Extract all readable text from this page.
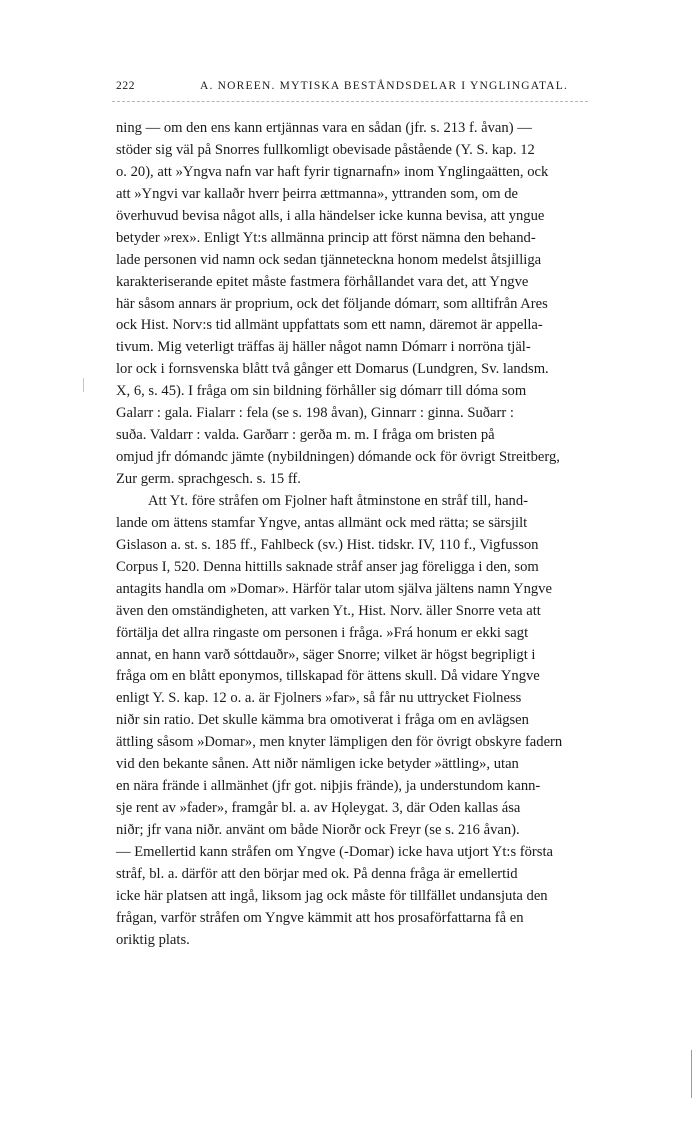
222	A. NOREEN. MYTISKA BESTÅNDSDELAR I YNGLINGATAL.
ning — om den ens kann ertjännas vara en sådan (jfr. s. 213 f. åvan) —
stöder sig väl på Snorres fullkomligt obevisade påstående (Y. S. kap. 12
o. 20), att »Yngva nafn var haft fyrir tignarnafn» inom Ynglingaätten, ock
att »Yngvi var kallaðr hverr þeirra ættmanna», yttranden som, om de
överhuvud bevisa något alls, i alla händelser icke kunna bevisa, att yngue
betyder »rex». Enligt Yt:s allmänna princip att först nämna den behand-
lade personen vid namn ock sedan tjänneteckna honom medelst åtsjilliga
karakteriserande epitet måste fastmera förhållandet vara det, att Yngve
här såsom annars är proprium, ock det följande dómarr, som alltifrån Ares
ock Hist. Norv:s tid allmänt uppfattats som ett namn, däremot är appella-
tivum. Mig veterligt träffas äj häller något namn Dómarr i norröna tjäl-
lor ock i fornsvenska blått två gånger ett Domarus (Lundgren, Sv. landsm.
X, 6, s. 45). I fråga om sin bildning förhåller sig dómarr till dóma som
Galarr : gala. Fialarr : fela (se s. 198 åvan), Ginnarr : ginna. Suðarr :
suða. Valdarr : valda. Garðarr : gerða m. m. I fråga om bristen på
omjud jfr dómandc jämte (nybildningen) dómande ock för övrigt Streitberg,
Zur germ. sprachgesch. s. 15 ff.
Att Yt. före stråfen om Fjolner haft åtminstone en stråf till, hand-
lande om ättens stamfar Yngve, antas allmänt ock med rätta; se särsjilt
Gislason a. st. s. 185 ff., Fahlbeck (sv.) Hist. tidskr. IV, 110 f., Vigfusson
Corpus I, 520. Denna hittills saknade stråf anser jag föreligga i den, som
antagits handla om »Domar». Härför talar utom själva jältens namn Yngve
även den omständigheten, att varken Yt., Hist. Norv. äller Snorre veta att
förtälja det allra ringaste om personen i fråga. »Frá honum er ekki sagt
annat, en hann varð sóttdauðr», säger Snorre; vilket är högst begripligt i
fråga om en blått eponymos, tillskapad för ättens skull. Då vidare Yngve
enligt Y. S. kap. 12 o. a. är Fjolners »far», så får nu uttrycket Fiolness
niðr sin ratio. Det skulle kämma bra omotiverat i fråga om en avlägsen
ättling såsom »Domar», men knyter lämpligen den för övrigt obskyre fadern
vid den bekante sånen. Att niðr nämligen icke betyder »ättling», utan
en nära frände i allmänhet (jfr got. niþjis frände), ja understundom kann-
sje rent av »fader», framgår bl. a. av Hǫleygat. 3, där Oden kallas ása
niðr; jfr vana niðr. använt om både Niorðr ock Freyr (se s. 216 åvan).
— Emellertid kann stråfen om Yngve (-Domar) icke hava utjort Yt:s första
stråf, bl. a. därför att den börjar med ok. På denna fråga är emellertid
icke här platsen att ingå, liksom jag ock måste för tillfället undansjuta den
frågan, varför stråfen om Yngve kämmit att hos prosaförfattarna få en
oriktig plats.
